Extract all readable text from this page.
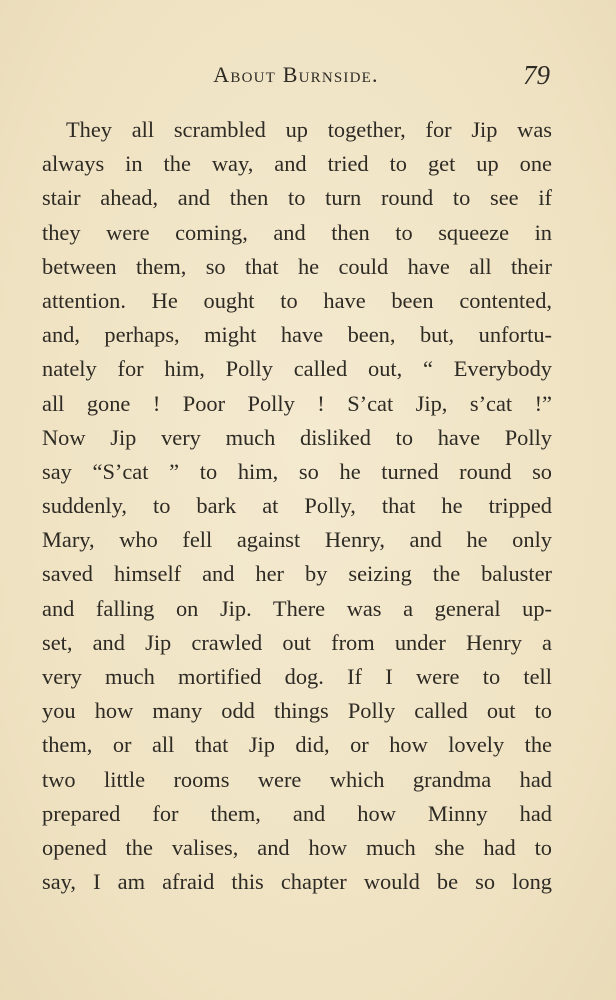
About Burnside.	79
They all scrambled up together, for Jip was
always in the way, and tried to get up one
stair ahead, and then to turn round to see if
they were coming, and then to squeeze in
between them, so that he could have all their
attention. He ought to have been contented,
and, perhaps, might have been, but, unfortu-
nately for him, Polly called out, “ Everybody
all gone ! Poor Polly ! S’cat Jip, s’cat !”
Now Jip very much disliked to have Polly
say “S’cat ” to him, so he turned round so
suddenly, to bark at Polly, that he tripped
Mary, who fell against Henry, and he only
saved himself and her by seizing the baluster
and falling on Jip. There was a general up-
set, and Jip crawled out from under Henry a
very much mortified dog. If I were to tell
you how many odd things Polly called out to
them, or all that Jip did, or how lovely the
two little rooms were which grandma had
prepared for them, and how Minny had
opened the valises, and how much she had to
say, I am afraid this chapter would be so long
